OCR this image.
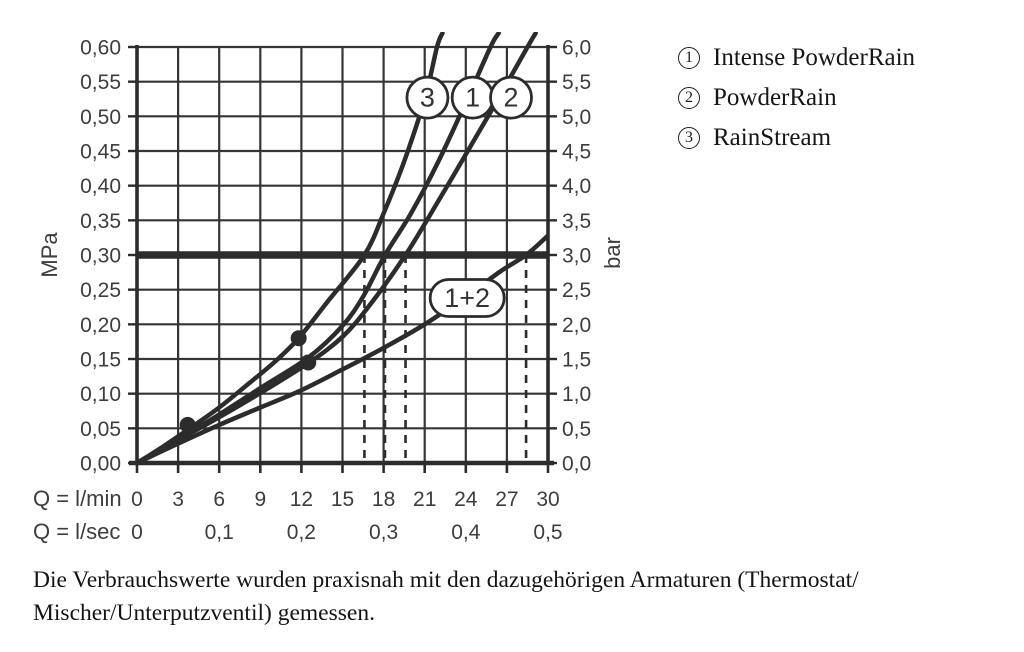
0,60	6,0
0,55	5,5
0,50	5,0
0,45	4,5
0,40	4,0
0,35	3,5
0,30	3,0
0,25	2,5
0,20	2,0
0,15	1,5
0,10	1,0
0,05	0,5
0,00	0,0
0 3 6 9 12 15 18 21 24 27 30
0	0,1	0,2	0,3	0,4	0,5
MPa	bar
Q = l/min
Q = l/sec
3 1 2
1+2
1 Intense PowderRain
2 PowderRain
3 RainStream
Die Verbrauchswerte wurden praxisnah mit den dazugehörigen Armaturen (Thermostat/
Mischer/Unterputzventil) gemessen.
